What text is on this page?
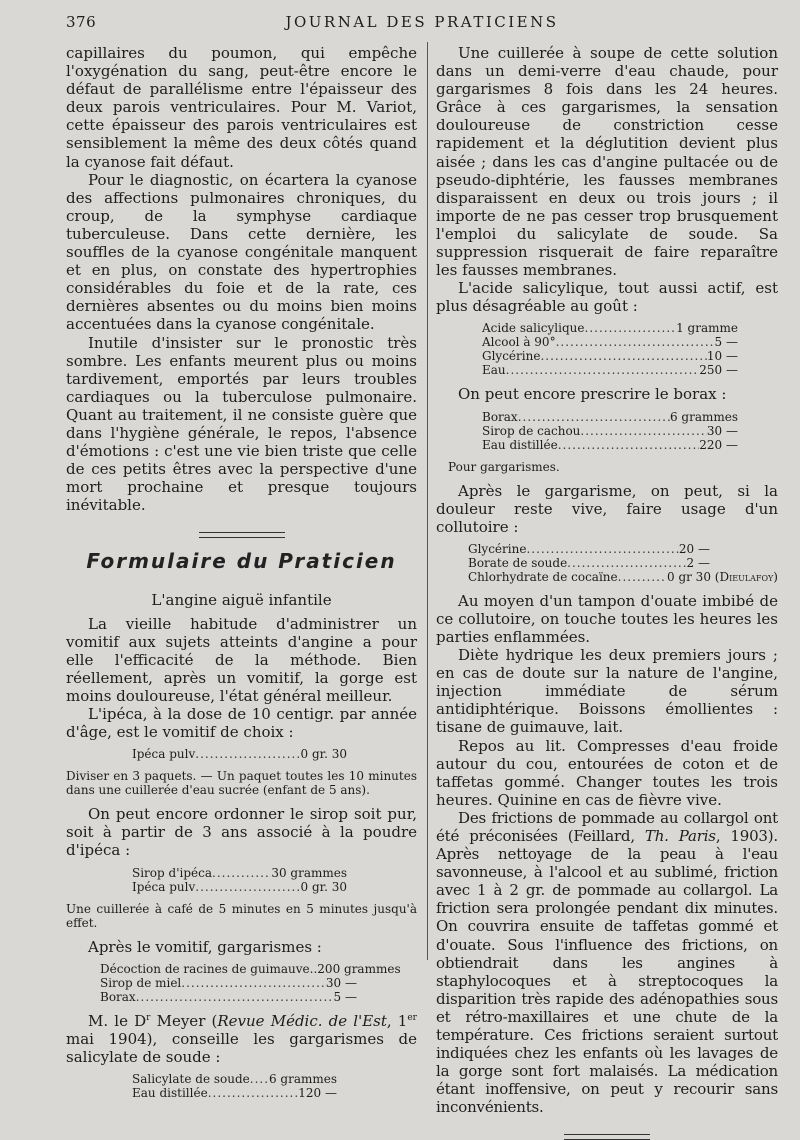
376	JOURNAL DES PRATICIENS

capillaires du poumon, qui empêche l'oxygénation du sang, peut-être encore le défaut de parallélisme entre l'épaisseur des deux parois ventriculaires. Pour M. Variot, cette épaisseur des parois ventriculaires est sensiblement la même des deux côtés quand la cyanose fait défaut.

Pour le diagnostic, on écartera la cyanose des affections pulmonaires chroniques, du croup, de la symphyse cardiaque tuberculeuse. Dans cette dernière, les souffles de la cyanose congénitale manquent et en plus, on constate des hypertrophies considérables du foie et de la rate, ces dernières absentes ou du moins bien moins accentuées dans la cyanose congénitale.

Inutile d'insister sur le pronostic très sombre. Les enfants meurent plus ou moins tardivement, emportés par leurs troubles cardiaques ou la tuberculose pulmonaire. Quant au traitement, il ne consiste guère que dans l'hygiène générale, le repos, l'absence d'émotions : c'est une vie bien triste que celle de ces petits êtres avec la perspective d'une mort prochaine et presque toujours inévitable.

Formulaire du Praticien
L'angine aiguë infantile

La vieille habitude d'administrer un vomitif aux sujets atteints d'angine a pour elle l'efficacité de la méthode. Bien réellement, après un vomitif, la gorge est moins douloureuse, l'état général meilleur.

L'ipéca, à la dose de 10 centigr. par année d'âge, est le vomitif de choix :

Ipéca pulv .....	0 gr. 30

Diviser en 3 paquets. — Un paquet toutes les 10 minutes dans une cuillerée d'eau sucrée (enfant de 5 ans).

On peut encore ordonner le sirop soit pur, soit à partir de 3 ans associé à la poudre d'ipéca :

Sirop d'ipéca .....	30 grammes
Ipéca pulv .....	0 gr. 30

Une cuillerée à café de 5 minutes en 5 minutes jusqu'à effet.

Après le vomitif, gargarismes :

Décoction de racines de guimauve.. 200 grammes
Sirop de miel .....	30 —
Borax .....	5 —

M. le $D^r$ Meyer (Revue Médic. de l'Est, 1er mai 1904), conseille les gargarismes de salicylate de soude :

Salicylate de soude ..... 6 grammes
Eau distillée .....	120 —

Une cuillerée à soupe de cette solution dans un demi-verre d'eau chaude, pour gargarismes 8 fois dans les 24 heures. Grâce à ces gargarismes, la sensation douloureuse de constriction cesse rapidement et la déglutition devient plus aisée ; dans les cas d'angine pultacée ou de pseudo-diphtérie, les fausses membranes disparaissent en deux ou trois jours ; il importe de ne pas cesser trop brusquement l'emploi du salicylate de soude. Sa suppression risquerait de faire reparaître les fausses membranes.

L'acide salicylique, tout aussi actif, est plus désagréable au goût :

Acide salicylique .....	1 gramme
Alcool à 90° .....	5 —
Glycérine .....	10 —
Eau .....	250 —

On peut encore prescrire le borax :

Borax .....	6 grammes
Sirop de cachou .....	30 —
Eau distillée .....	220 —

Pour gargarismes.

Après le gargarisme, on peut, si la douleur reste vive, faire usage d'un collutoire :

Glycérine .....	20 —
Borate de soude .....	2 —
Chlorhydrate de cocaïne .....	0 gr 30
(Dieulafoy)

Au moyen d'un tampon d'ouate imbibé de ce collutoire, on touche toutes les heures les parties enflammées.

Diète hydrique les deux premiers jours ; en cas de doute sur la nature de l'angine, injection immédiate de sérum antidiphtérique. Boissons émollientes : tisane de guimauve, lait.

Repos au lit. Compresses d'eau froide autour du cou, entourées de coton et de taffetas gommé. Changer toutes les trois heures. Quinine en cas de fièvre vive.

Des frictions de pommade au collargol ont été préconisées (Feillard, Th. Paris, 1903). Après nettoyage de la peau à l'eau savonneuse, à l'alcool et au sublimé, friction avec 1 à 2 gr. de pommade au collargol. La friction sera prolongée pendant dix minutes. On couvrira ensuite de taffetas gommé et d'ouate. Sous l'influence des frictions, on obtiendrait dans les angines à staphylocoques et à streptocoques la disparition très rapide des adénopathies sous et rétro-maxillaires et une chute de la température. Ces frictions seraient surtout indiquées chez les enfants où les lavages de la gorge sont fort malaisés. La médication étant inoffensive, on peut y recourir sans inconvénients.
